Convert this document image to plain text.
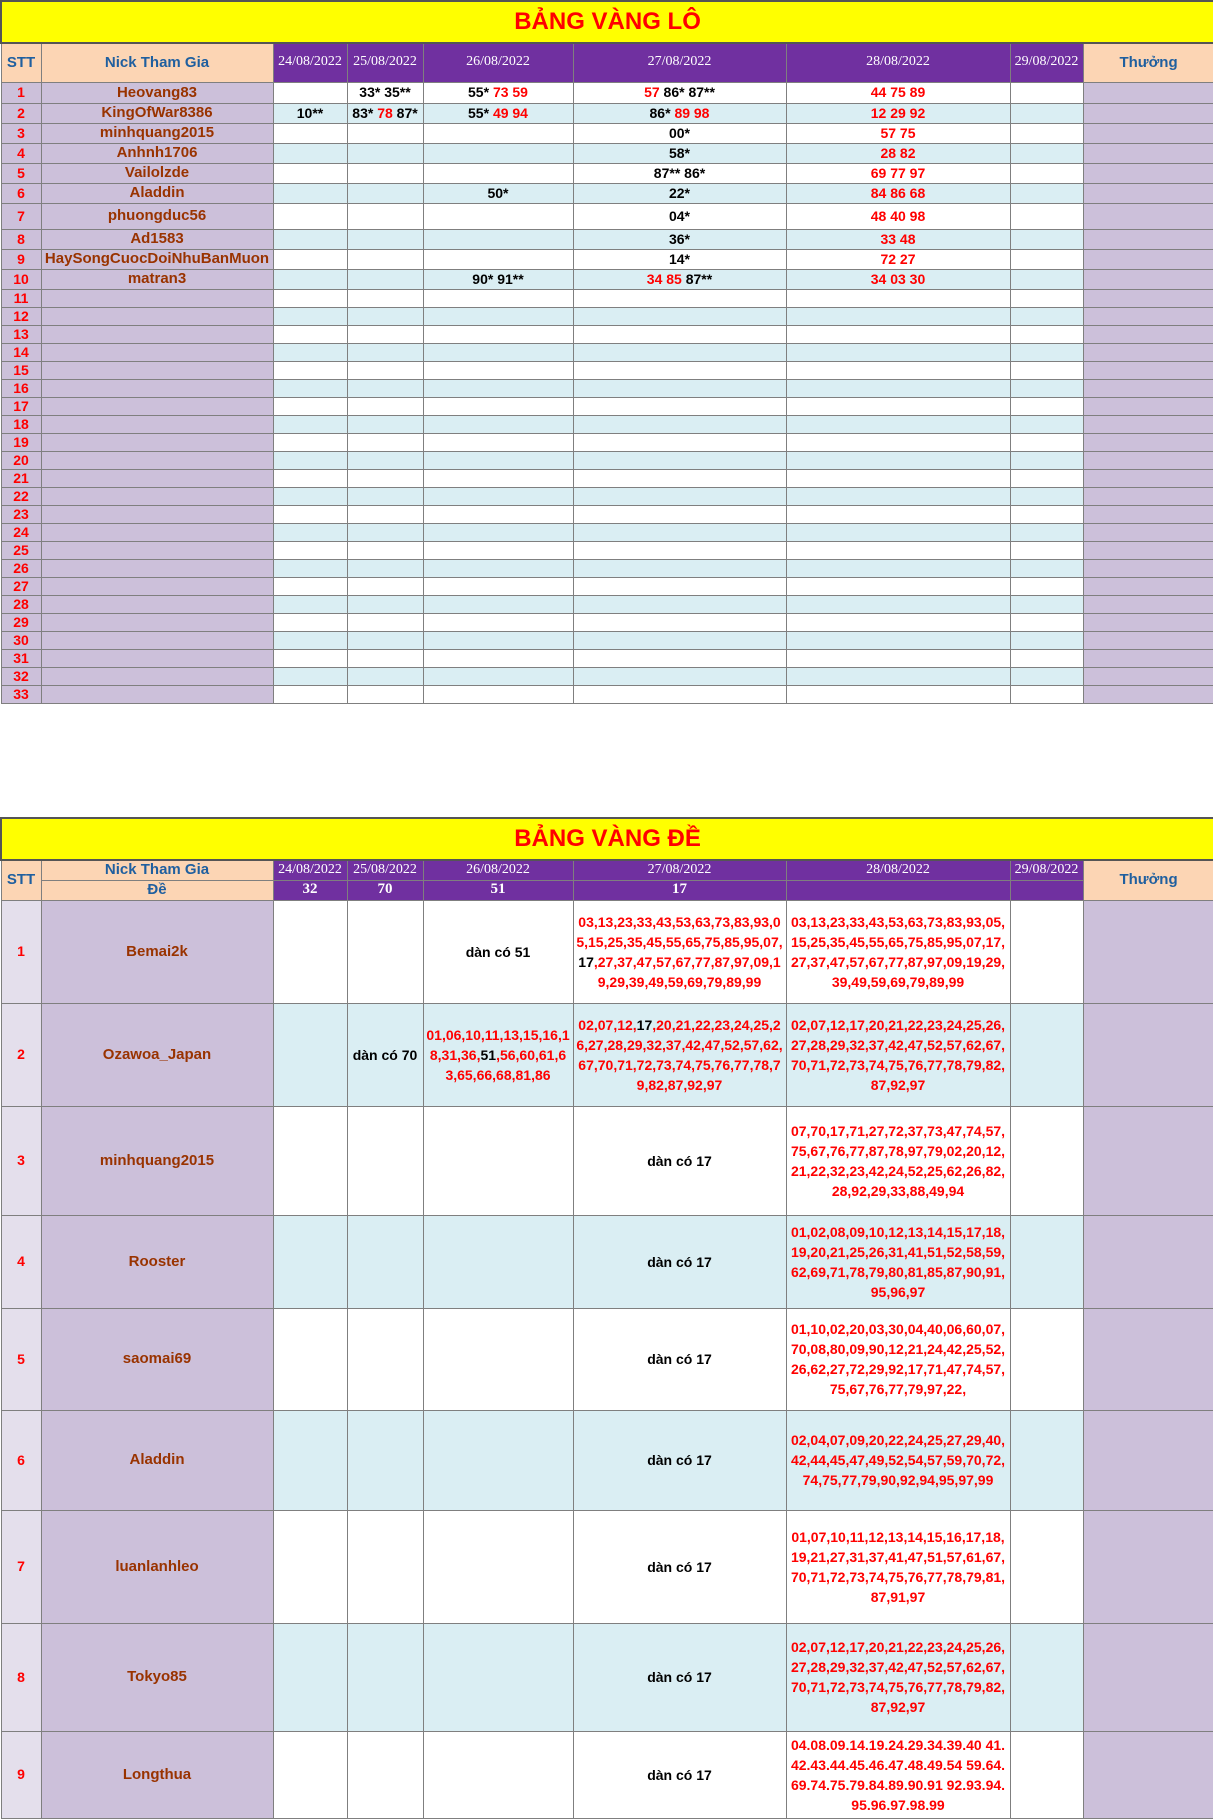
BẢNG VÀNG LÔ								
STT	Nick Tham Gia	24/08/2022	25/08/2022	26/08/2022	27/08/2022	28/08/2022	29/08/2022	Thưởng
1	Heovang83		33* 35**	55* 73 59	57 86* 87**	44 75 89		
2	KingOfWar8386	10**	83* 78 87*	55* 49 94	86* 89 98	12 29 92		
3	minhquang2015				00*	57 75		
4	Anhnh1706				58*	28 82		
5	Vailolzde				87** 86*	69 77 97		
6	Aladdin			50*	22*	84 86 68		
7	phuongduc56				04*	48 40 98		
8	Ad1583				36*	33 48		
9	HaySongCuocDoiNhuBanMuon				14*	72 27		
10	matran3			90* 91**	34 85 87**	34 03 30		
11								
12								
13								
14								
15								
16								
17								
18								
19								
20								
21								
22								
23								
24								
25								
26								
27								
28								
29								
30								
31								
32								
33								
BẢNG VÀNG ĐỀ								
STT	Nick Tham Gia	24/08/2022	25/08/2022	26/08/2022	27/08/2022	28/08/2022	29/08/2022	Thưởng
	Đề	32	70	51	17			
1	Bemai2k			dàn có 51	03,13,23,33,43,53,63,73,83,93,05,15,25,35,45,55,65,75,85,95,07,17,27,37,47,57,67,77,87,97,09,19,29,39,49,59,69,79,89,99	03,13,23,33,43,53,63,73,83,93,05,15,25,35,45,55,65,75,85,95,07,17,27,37,47,57,67,77,87,97,09,19,29,39,49,59,69,79,89,99		
2	Ozawoa_Japan		dàn có 70	01,06,10,11,13,15,16,18,31,36,51,56,60,61,63,65,66,68,81,86	02,07,12,17,20,21,22,23,24,25,26,27,28,29,32,37,42,47,52,57,62,67,70,71,72,73,74,75,76,77,78,79,82,87,92,97	02,07,12,17,20,21,22,23,24,25,26,27,28,29,32,37,42,47,52,57,62,67,70,71,72,73,74,75,76,77,78,79,82,87,92,97		
3	minhquang2015				dàn có 17	07,70,17,71,27,72,37,73,47,74,57,75,67,76,77,87,78,97,79,02,20,12,21,22,32,23,42,24,52,25,62,26,82,28,92,29,33,88,49,94		
4	Rooster				dàn có 17	01,02,08,09,10,12,13,14,15,17,18,19,20,21,25,26,31,41,51,52,58,59,62,69,71,78,79,80,81,85,87,90,91,95,96,97		
5	saomai69				dàn có 17	01,10,02,20,03,30,04,40,06,60,07,70,08,80,09,90,12,21,24,42,25,52,26,62,27,72,29,92,17,71,47,74,57,75,67,76,77,79,97,22,		
6	Aladdin				dàn có 17	02,04,07,09,20,22,24,25,27,29,40,42,44,45,47,49,52,54,57,59,70,72,74,75,77,79,90,92,94,95,97,99		
7	luanlanhleo				dàn có 17	01,07,10,11,12,13,14,15,16,17,18,19,21,27,31,37,41,47,51,57,61,67,70,71,72,73,74,75,76,77,78,79,81,87,91,97		
8	Tokyo85				dàn có 17	02,07,12,17,20,21,22,23,24,25,26,27,28,29,32,37,42,47,52,57,62,67,70,71,72,73,74,75,76,77,78,79,82,87,92,97		
9	Longthua				dàn có 17	04.08.09.14.19.24.29.34.39.40 41.42.43.44.45.46.47.48.49.54 59.64.69.74.75.79.84.89.90.91 92.93.94.95.96.97.98.99		
